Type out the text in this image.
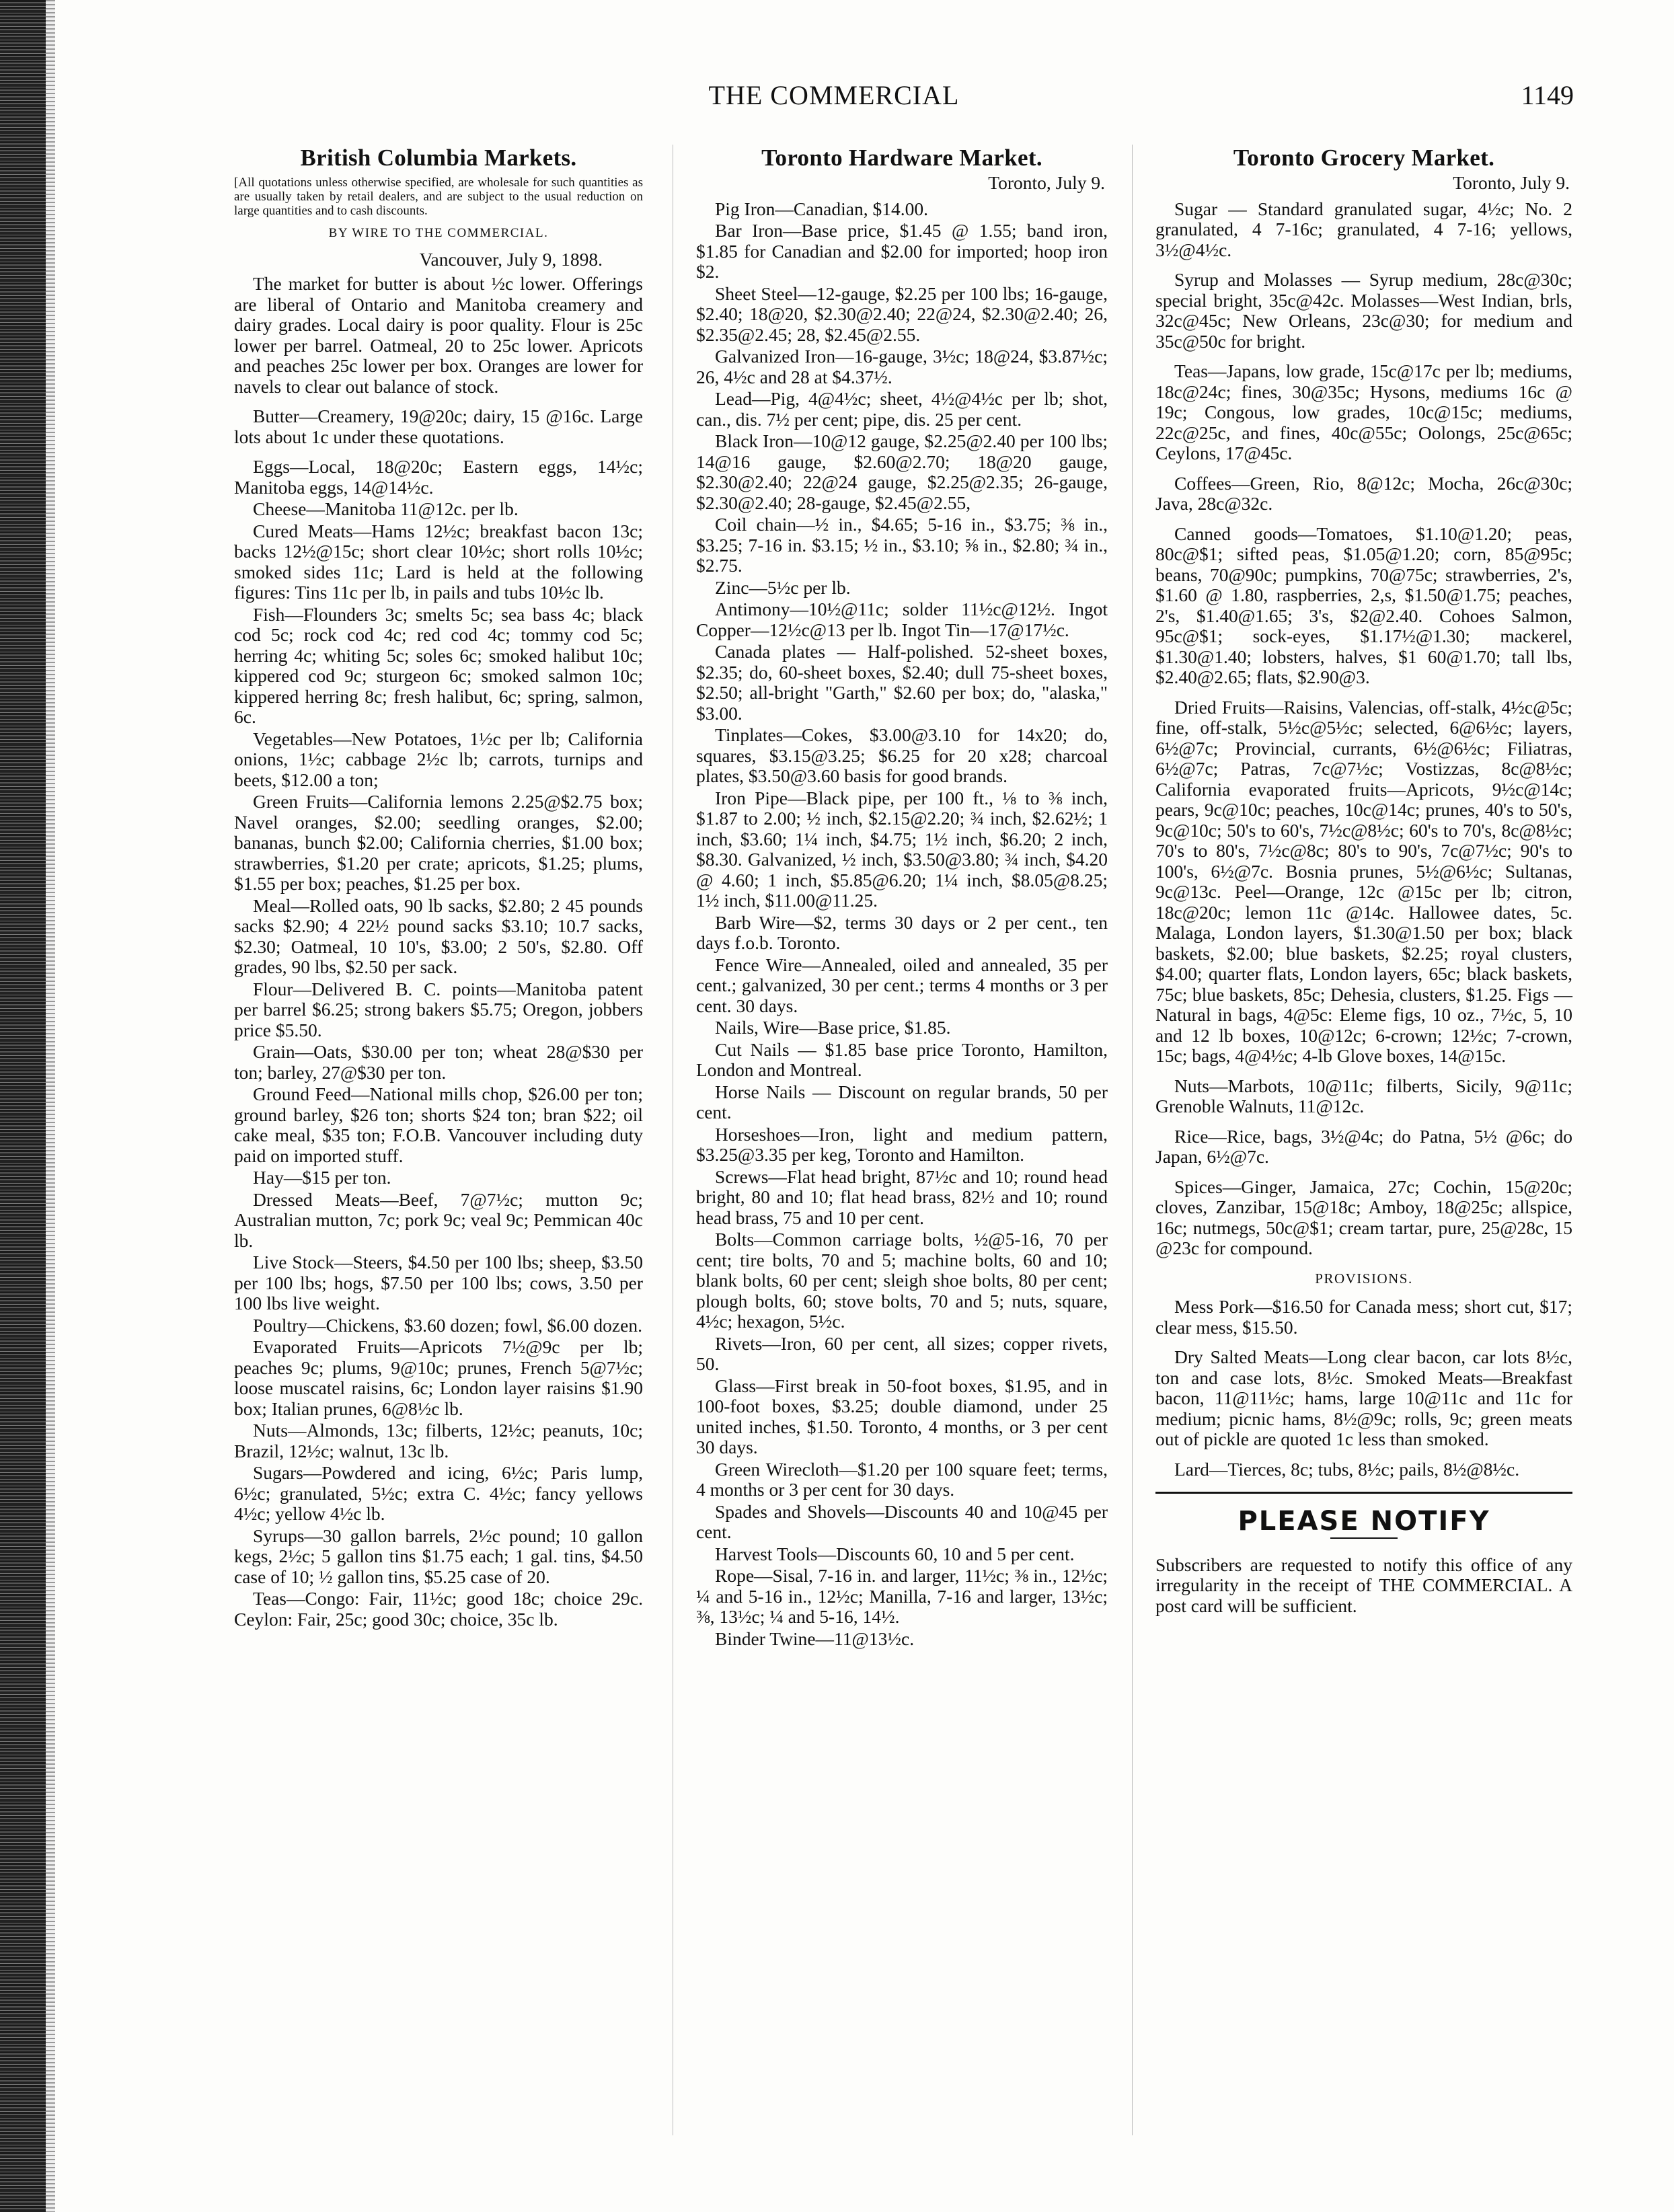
THE COMMERCIAL	1149
British Columbia Markets.
[All quotations unless otherwise specified, are wholesale for such quantities as are usually taken by retail dealers, and are subject to the usual reduction on large quantities and to cash discounts.
BY WIRE TO THE COMMERCIAL.
Vancouver, July 9, 1898.

The market for butter is about ½c lower. Offerings are liberal of Ontario and Manitoba creamery and dairy grades. Local dairy is poor quality. Flour is 25c lower per barrel. Oatmeal, 20 to 25c lower. Apricots and peaches 25c lower per box. Oranges are lower for navels to clear out balance of stock.

Butter—Creamery, 19@20c; dairy, 15 @16c. Large lots about 1c under these quotations.

Eggs—Local, 18@20c; Eastern eggs, 14½c; Manitoba eggs, 14@14½c.

Cheese—Manitoba 11@12c. per lb.

Cured Meats—Hams 12½c; breakfast bacon 13c; backs 12½@15c; short clear 10½c; short rolls 10½c; smoked sides 11c; Lard is held at the following figures: Tins 11c per lb, in pails and tubs 10½c lb.

Fish—Flounders 3c; smelts 5c; sea bass 4c; black cod 5c; rock cod 4c; red cod 4c; tommy cod 5c; herring 4c; whiting 5c; soles 6c; smoked halibut 10c; kippered cod 9c; sturgeon 6c; smoked salmon 10c; kippered herring 8c; fresh halibut, 6c; spring, salmon, 6c.

Vegetables—New Potatoes, 1½c per lb; California onions, 1½c; cabbage 2½c lb; carrots, turnips and beets, $12.00 a ton;

Green Fruits—California lemons 2.25@$2.75 box; Navel oranges, $2.00; seedling oranges, $2.00; bananas, bunch $2.00; California cherries, $1.00 box; strawberries, $1.20 per crate; apricots, $1.25; plums, $1.55 per box; peaches, $1.25 per box.

Meal—Rolled oats, 90 lb sacks, $2.80; 2 45 pounds sacks $2.90; 4 22½ pound sacks $3.10; 10.7 sacks, $2.30; Oatmeal, 10 10's, $3.00; 2 50's, $2.80. Off grades, 90 lbs, $2.50 per sack.

Flour—Delivered B. C. points—Manitoba patent per barrel $6.25; strong bakers $5.75; Oregon, jobbers price $5.50.

Grain—Oats, $30.00 per ton; wheat 28@$30 per ton; barley, 27@$30 per ton.

Ground Feed—National mills chop, $26.00 per ton; ground barley, $26 ton; shorts $24 ton; bran $22; oil cake meal, $35 ton; F.O.B. Vancouver including duty paid on imported stuff.

Hay—$15 per ton.

Dressed Meats—Beef, 7@7½c; mutton 9c; Australian mutton, 7c; pork 9c; veal 9c; Pemmican 40c lb.

Live Stock—Steers, $4.50 per 100 lbs; sheep, $3.50 per 100 lbs; hogs, $7.50 per 100 lbs; cows, 3.50 per 100 lbs live weight.

Poultry—Chickens, $3.60 dozen; fowl, $6.00 dozen.

Evaporated Fruits—Apricots 7½@9c per lb; peaches 9c; plums, 9@10c; prunes, French 5@7½c; loose muscatel raisins, 6c; London layer raisins $1.90 box; Italian prunes, 6@8½c lb.

Nuts—Almonds, 13c; filberts, 12½c; peanuts, 10c; Brazil, 12½c; walnut, 13c lb.

Sugars—Powdered and icing, 6½c; Paris lump, 6½c; granulated, 5½c; extra C. 4½c; fancy yellows 4½c; yellow 4½c lb.

Syrups—30 gallon barrels, 2½c pound; 10 gallon kegs, 2½c; 5 gallon tins $1.75 each; 1 gal. tins, $4.50 case of 10; ½ gallon tins, $5.25 case of 20.

Teas—Congo: Fair, 11½c; good 18c; choice 29c. Ceylon: Fair, 25c; good 30c; choice, 35c lb.

Toronto Hardware Market.
Toronto, July 9.

Pig Iron—Canadian, $14.00.

Bar Iron—Base price, $1.45 @ 1.55; band iron, $1.85 for Canadian and $2.00 for imported; hoop iron $2.

Sheet Steel—12-gauge, $2.25 per 100 lbs; 16-gauge, $2.40; 18@20, $2.30@2.40; 22@24, $2.30@2.40; 26, $2.35@2.45; 28, $2.45@2.55.

Galvanized Iron—16-gauge, 3½c; 18@24, $3.87½c; 26, 4½c and 28 at $4.37½.

Lead—Pig, 4@4½c; sheet, 4½@4½c per lb; shot, can., dis. 7½ per cent; pipe, dis. 25 per cent.

Black Iron—10@12 gauge, $2.25@2.40 per 100 lbs; 14@16 gauge, $2.60@2.70; 18@20 gauge, $2.30@2.40; 22@24 gauge, $2.25@2.35; 26-gauge, $2.30@2.40; 28-gauge, $2.45@2.55,

Coil chain—½ in., $4.65; 5-16 in., $3.75; ⅜ in., $3.25; 7-16 in. $3.15; ½ in., $3.10; ⅝ in., $2.80; ¾ in., $2.75.

Zinc—5½c per lb.

Antimony—10½@11c; solder 11½c@12½. Ingot Copper—12½c@13 per lb. Ingot Tin—17@17½c.

Canada plates — Half-polished. 52-sheet boxes, $2.35; do, 60-sheet boxes, $2.40; dull 75-sheet boxes, $2.50; all-bright "Garth," $2.60 per box; do, "alaska," $3.00.

Tinplates—Cokes, $3.00@3.10 for 14x20; do, squares, $3.15@3.25; $6.25 for 20 x28; charcoal plates, $3.50@3.60 basis for good brands.

Iron Pipe—Black pipe, per 100 ft., ⅛ to ⅜ inch, $1.87 to 2.00; ½ inch, $2.15@2.20; ¾ inch, $2.62½; 1 inch, $3.60; 1¼ inch, $4.75; 1½ inch, $6.20; 2 inch, $8.30. Galvanized, ½ inch, $3.50@3.80; ¾ inch, $4.20 @ 4.60; 1 inch, $5.85@6.20; 1¼ inch, $8.05@8.25; 1½ inch, $11.00@11.25.

Barb Wire—$2, terms 30 days or 2 per cent., ten days f.o.b. Toronto.

Fence Wire—Annealed, oiled and annealed, 35 per cent.; galvanized, 30 per cent.; terms 4 months or 3 per cent. 30 days.

Nails, Wire—Base price, $1.85.

Cut Nails — $1.85 base price Toronto, Hamilton, London and Montreal.

Horse Nails — Discount on regular brands, 50 per cent.

Horseshoes—Iron, light and medium pattern, $3.25@3.35 per keg, Toronto and Hamilton.

Screws—Flat head bright, 87½c and 10; round head bright, 80 and 10; flat head brass, 82½ and 10; round head brass, 75 and 10 per cent.

Bolts—Common carriage bolts, ½@5-16, 70 per cent; tire bolts, 70 and 5; machine bolts, 60 and 10; blank bolts, 60 per cent; sleigh shoe bolts, 80 per cent; plough bolts, 60; stove bolts, 70 and 5; nuts, square, 4½c; hexagon, 5½c.

Rivets—Iron, 60 per cent, all sizes; copper rivets, 50.

Glass—First break in 50-foot boxes, $1.95, and in 100-foot boxes, $3.25; double diamond, under 25 united inches, $1.50. Toronto, 4 months, or 3 per cent 30 days.

Green Wirecloth—$1.20 per 100 square feet; terms, 4 months or 3 per cent for 30 days.

Spades and Shovels—Discounts 40 and 10@45 per cent.

Harvest Tools—Discounts 60, 10 and 5 per cent.

Rope—Sisal, 7-16 in. and larger, 11½c; ⅜ in., 12½c; ¼ and 5-16 in., 12½c; Manilla, 7-16 and larger, 13½c; ⅜, 13½c; ¼ and 5-16, 14½.

Binder Twine—11@13½c.

Toronto Grocery Market.
Toronto, July 9.

Sugar — Standard granulated sugar, 4½c; No. 2 granulated, 4 7-16c; granulated, 4 7-16; yellows, 3½@4½c.

Syrup and Molasses — Syrup medium, 28c@30c; special bright, 35c@42c. Molasses—West Indian, brls, 32c@45c; New Orleans, 23c@30; for medium and 35c@50c for bright.

Teas—Japans, low grade, 15c@17c per lb; mediums, 18c@24c; fines, 30@35c; Hysons, mediums 16c @ 19c; Congous, low grades, 10c@15c; mediums, 22c@25c, and fines, 40c@55c; Oolongs, 25c@65c; Ceylons, 17@45c.

Coffees—Green, Rio, 8@12c; Mocha, 26c@30c; Java, 28c@32c.

Canned goods—Tomatoes, $1.10@1.20; peas, 80c@$1; sifted peas, $1.05@1.20; corn, 85@95c; beans, 70@90c; pumpkins, 70@75c; strawberries, 2's, $1.60 @ 1.80, raspberries, 2,s, $1.50@1.75; peaches, 2's, $1.40@1.65; 3's, $2@2.40. Cohoes Salmon, 95c@$1; sock-eyes, $1.17½@1.30; mackerel, $1.30@1.40; lobsters, halves, $1 60@1.70; tall lbs, $2.40@2.65; flats, $2.90@3.

Dried Fruits—Raisins, Valencias, off-stalk, 4½c@5c; fine, off-stalk, 5½c@5½c; selected, 6@6½c; layers, 6½@7c; Provincial, currants, 6½@6½c; Filiatras, 6½@7c; Patras, 7c@7½c; Vostizzas, 8c@8½c; California evaporated fruits—Apricots, 9½c@14c; pears, 9c@10c; peaches, 10c@14c; prunes, 40's to 50's, 9c@10c; 50's to 60's, 7½c@8½c; 60's to 70's, 8c@8½c; 70's to 80's, 7½c@8c; 80's to 90's, 7c@7½c; 90's to 100's, 6½@7c. Bosnia prunes, 5½@6½c; Sultanas, 9c@13c. Peel—Orange, 12c @15c per lb; citron, 18c@20c; lemon 11c @14c. Hallowee dates, 5c. Malaga, London layers, $1.30@1.50 per box; black baskets, $2.00; blue baskets, $2.25; royal clusters, $4.00; quarter flats, London layers, 65c; black baskets, 75c; blue baskets, 85c; Dehesia, clusters, $1.25. Figs —Natural in bags, 4@5c: Eleme figs, 10 oz., 7½c, 5, 10 and 12 lb boxes, 10@12c; 6-crown; 12½c; 7-crown, 15c; bags, 4@4½c; 4-lb Glove boxes, 14@15c.

Nuts—Marbots, 10@11c; filberts, Sicily, 9@11c; Grenoble Walnuts, 11@12c.

Rice—Rice, bags, 3½@4c; do Patna, 5½ @6c; do Japan, 6½@7c.

Spices—Ginger, Jamaica, 27c; Cochin, 15@20c; cloves, Zanzibar, 15@18c; Amboy, 18@25c; allspice, 16c; nutmegs, 50c@$1; cream tartar, pure, 25@28c, 15 @23c for compound.

PROVISIONS.

Mess Pork—$16.50 for Canada mess; short cut, $17; clear mess, $15.50.

Dry Salted Meats—Long clear bacon, car lots 8½c, ton and case lots, 8½c. Smoked Meats—Breakfast bacon, 11@11½c; hams, large 10@11c and 11c for medium; picnic hams, 8½@9c; rolls, 9c; green meats out of pickle are quoted 1c less than smoked.

Lard—Tierces, 8c; tubs, 8½c; pails, 8½@8½c.

PLEASE NOTIFY

Subscribers are requested to notify this office of any irregularity in the receipt of THE COMMERCIAL. A post card will be sufficient.
